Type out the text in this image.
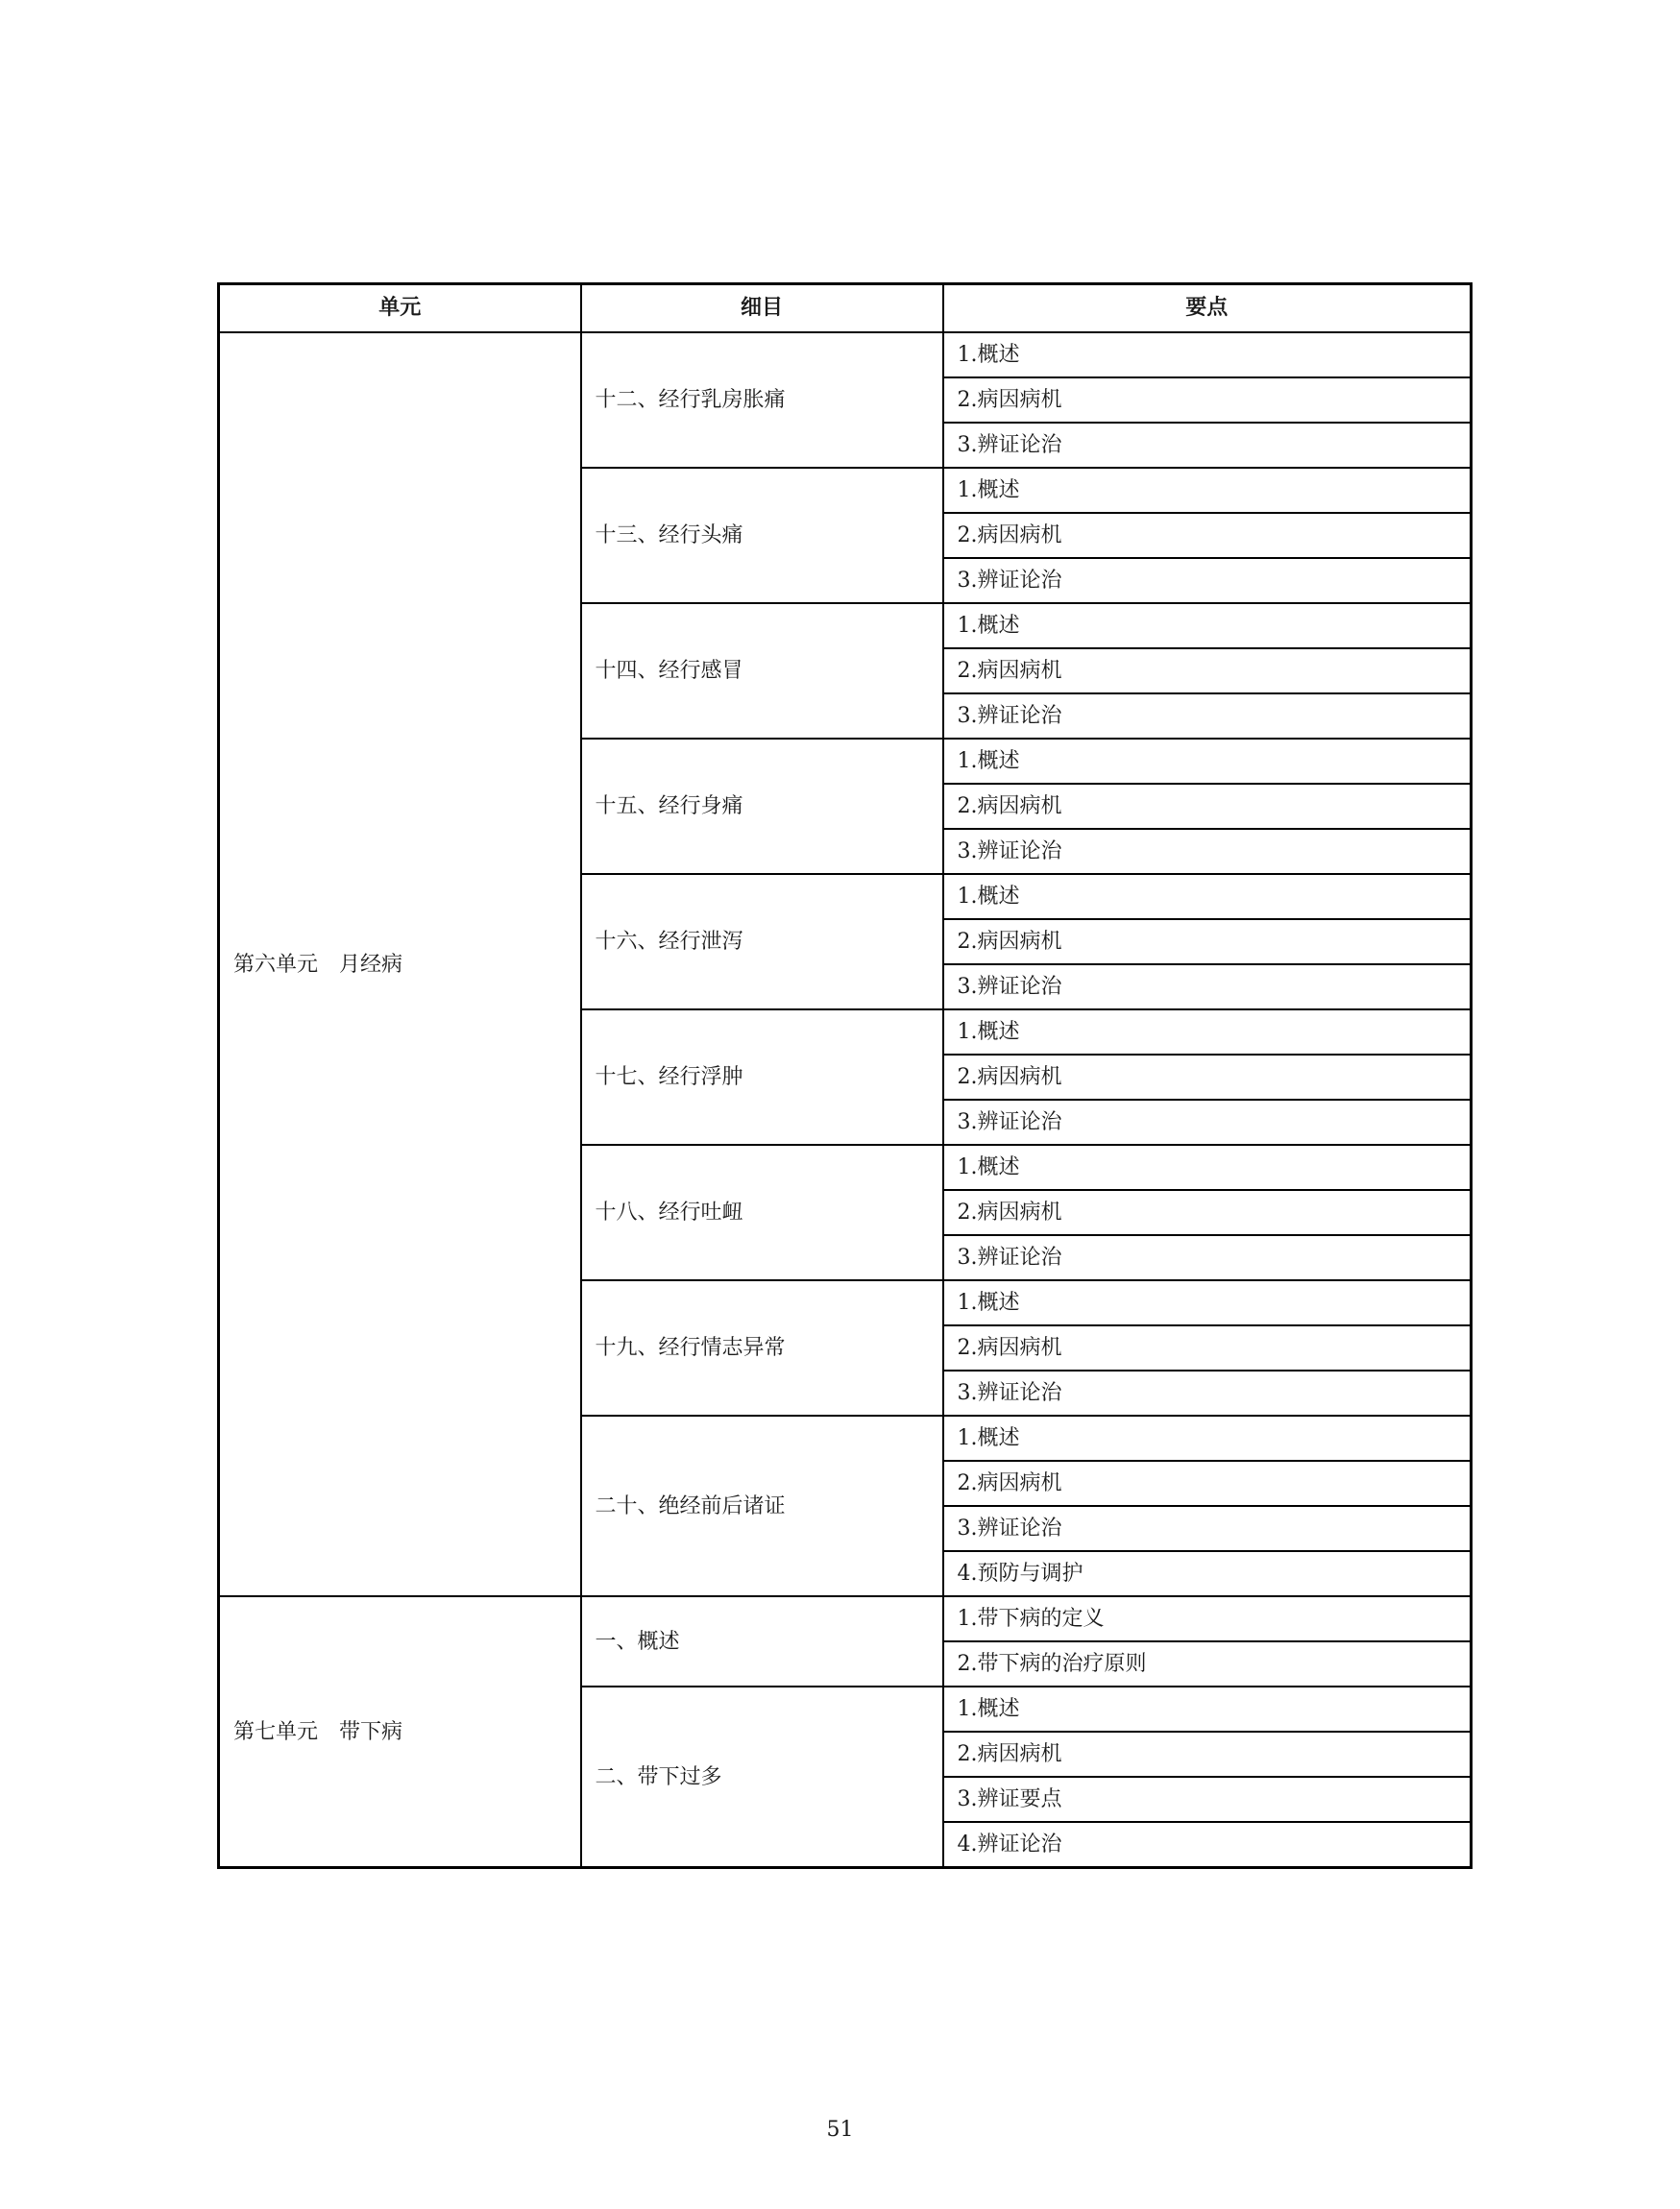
单元	细目	要点
第六单元　月经病	十二、经行乳房胀痛	1.概述
		2.病因病机
		3.辨证论治
	十三、经行头痛	1.概述
		2.病因病机
		3.辨证论治
	十四、经行感冒	1.概述
		2.病因病机
		3.辨证论治
	十五、经行身痛	1.概述
		2.病因病机
		3.辨证论治
	十六、经行泄泻	1.概述
		2.病因病机
		3.辨证论治
	十七、经行浮肿	1.概述
		2.病因病机
		3.辨证论治
	十八、经行吐衄	1.概述
		2.病因病机
		3.辨证论治
	十九、经行情志异常	1.概述
		2.病因病机
		3.辨证论治
	二十、绝经前后诸证	1.概述
		2.病因病机
		3.辨证论治
		4.预防与调护
第七单元　带下病	一、概述	1.带下病的定义
		2.带下病的治疗原则
	二、带下过多	1.概述
		2.病因病机
		3.辨证要点
		4.辨证论治
51
